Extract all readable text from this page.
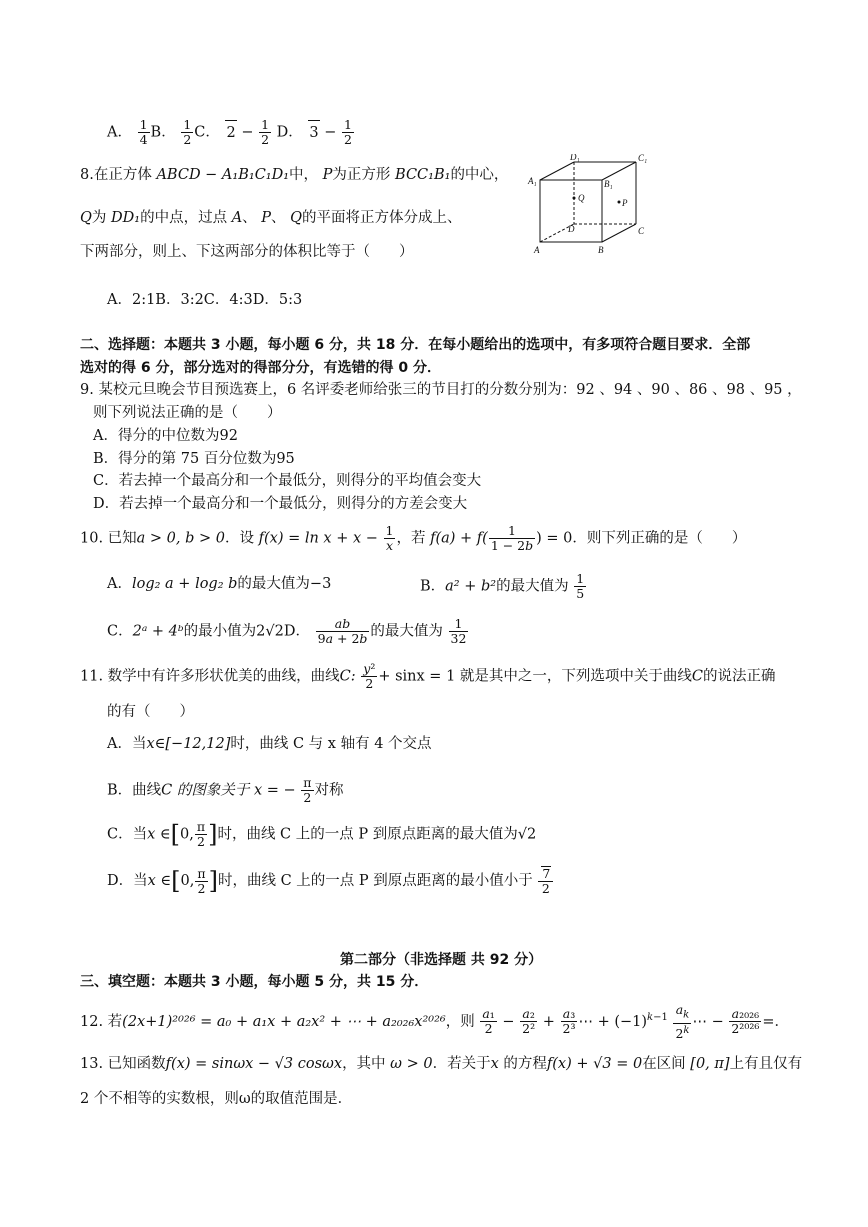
A． $\frac{1}{4}$ B． $\frac{1}{2}$ C． $2 - \frac{1}{2}$ D． $3 - \frac{1}{2}$
8.在正方体 ABCD − A₁B₁C₁D₁中， P为正方形 BCC₁B₁的中心，
Q为 DD₁的中点，过点 A、 P、 Q的平面将正方体分成上、
下两部分，则上、下这两部分的体积比等于（　　）
D₁	C₁
A₁	B₁
Q	P
D	C
A	B
A．2:1B．3:2C．4:3D．5:3
二、选择题：本题共 3 小题，每小题 6 分，共 18 分．在每小题给出的选项中，有多项符合题目要求．全部
选对的得 6 分，部分选对的得部分分，有选错的得 0 分．
9. 某校元旦晚会节目预选赛上，6 名评委老师给张三的节目打的分数分别为：92 、94 、90 、86 、98 、95 ，
则下列说法正确的是（　　）
A．得分的中位数为92
B．得分的第 75 百分位数为95
C．若去掉一个最高分和一个最低分，则得分的平均值会变大
D．若去掉一个最高分和一个最低分，则得分的方差会变大
10. 已知a > 0, b > 0．设 $f(x) = \ln x + x - \frac{1}{x}$ ，若 $f(a) + f( \frac{1}{1 - 2b}$ ) = 0．则下列正确的是（　　）
A．log₂ a + log₂ b的最大值为−3	B．a² + b²的最大值为 $\frac{1}{5}$
C．2ᵃ + 4ᵇ的最小值为2√2D． $\frac{ab}{9a + 2b}$ 的最大值为 $\frac{1}{32}$
11. 数学中有许多形状优美的曲线，曲线C: $\frac{\text{y²}}{2} + \sin x = 1$ 就是其中之一，下列选项中关于曲线C的说法正确
的有（　　）
A．当x∈[−12,12]时，曲线 C 与 x 轴有 4 个交点
B．曲线C 的图象关于 x = − $\frac{\pi}{2}$ 对称
C．当x ∈[0, $\frac{\pi}{2}$ ]时，曲线 C 上的一点 P 到原点距离的最大值为√2
D．当x ∈[0, $\frac{\pi}{2}$ ]时，曲线 C 上的一点 P 到原点距离的最小值小于 $\frac{7}{2}$
第二部分（非选择题 共 92 分）
三、填空题：本题共 3 小题，每小题 5 分，共 15 分．
12. 若(2x+1)²⁰²⁶ = a₀ + a₁x + a₂x² + ⋯ + a₂₀₂₆x²⁰²⁶，则 $\frac{\text{a₁}}{2} - \frac{\text{a₂}}{\text{2²}} + \frac{\text{a₃}}{\text{2³}}$ ⋯ + $(-1)^{k-1} \frac{a_k}{2^k}$ ⋯ − $\frac{\text{a₂₀₂₆}}{\text{2²⁰²⁶}}$ =．
13. 已知函数f(x) = sinωx − √3 cosωx，其中 ω > 0．若关于x 的方程f(x) + √3 = 0在区间 [0, π]上有且仅有
2 个不相等的实数根，则ω的取值范围是．
